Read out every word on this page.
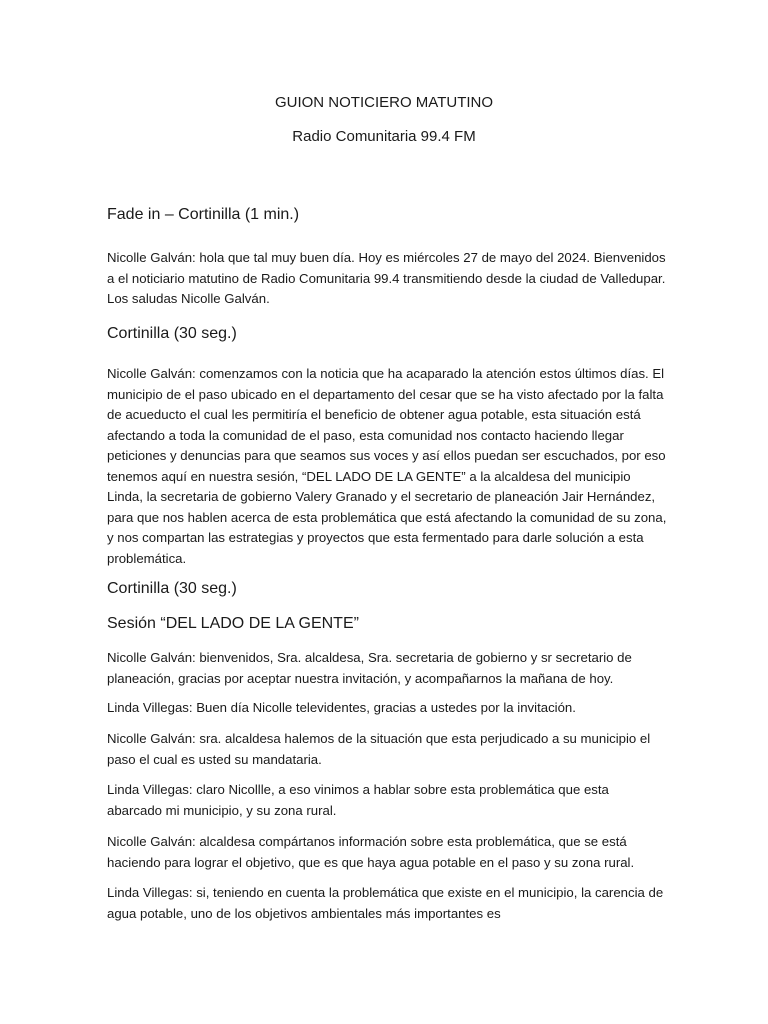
GUION NOTICIERO MATUTINO
Radio Comunitaria 99.4 FM
Fade in – Cortinilla (1 min.)

Nicolle Galván: hola que tal muy buen día. Hoy es miércoles 27 de mayo del 2024. Bienvenidos a el noticiario matutino de Radio Comunitaria 99.4 transmitiendo desde la ciudad de Valledupar. Los saludas Nicolle Galván.

Cortinilla (30 seg.)

Nicolle Galván: comenzamos con la noticia que ha acaparado la atención estos últimos días. El municipio de el paso ubicado en el departamento del cesar que se ha visto afectado por la falta de acueducto el cual les permitiría el beneficio de obtener agua potable, esta situación está afectando a toda la comunidad de el paso, esta comunidad nos contacto haciendo llegar peticiones y denuncias para que seamos sus voces y así ellos puedan ser escuchados, por eso tenemos aquí en nuestra sesión, “DEL LADO DE LA GENTE” a la alcaldesa del municipio Linda, la secretaria de gobierno Valery Granado y el secretario de planeación Jair Hernández, para que nos hablen acerca de esta problemática que está afectando la comunidad de su zona, y nos compartan las estrategias y proyectos que esta fermentado para darle solución a esta problemática.

Cortinilla (30 seg.)
Sesión “DEL LADO DE LA GENTE”

Nicolle Galván: bienvenidos, Sra. alcaldesa, Sra. secretaria de gobierno y sr secretario de planeación, gracias por aceptar nuestra invitación, y acompañarnos la mañana de hoy.

Linda Villegas: Buen día Nicolle televidentes, gracias a ustedes por la invitación.

Nicolle Galván: sra. alcaldesa halemos de la situación que esta perjudicado a su municipio el paso el cual es usted su mandataria.

Linda Villegas: claro Nicollle, a eso vinimos a hablar sobre esta problemática que esta abarcado mi municipio, y su zona rural.

Nicolle Galván: alcaldesa compártanos información sobre esta problemática, que se está haciendo para lograr el objetivo, que es que haya agua potable en el paso y su zona rural.

Linda Villegas: si, teniendo en cuenta la problemática que existe en el municipio, la carencia de agua potable, uno de los objetivos ambientales más importantes es
